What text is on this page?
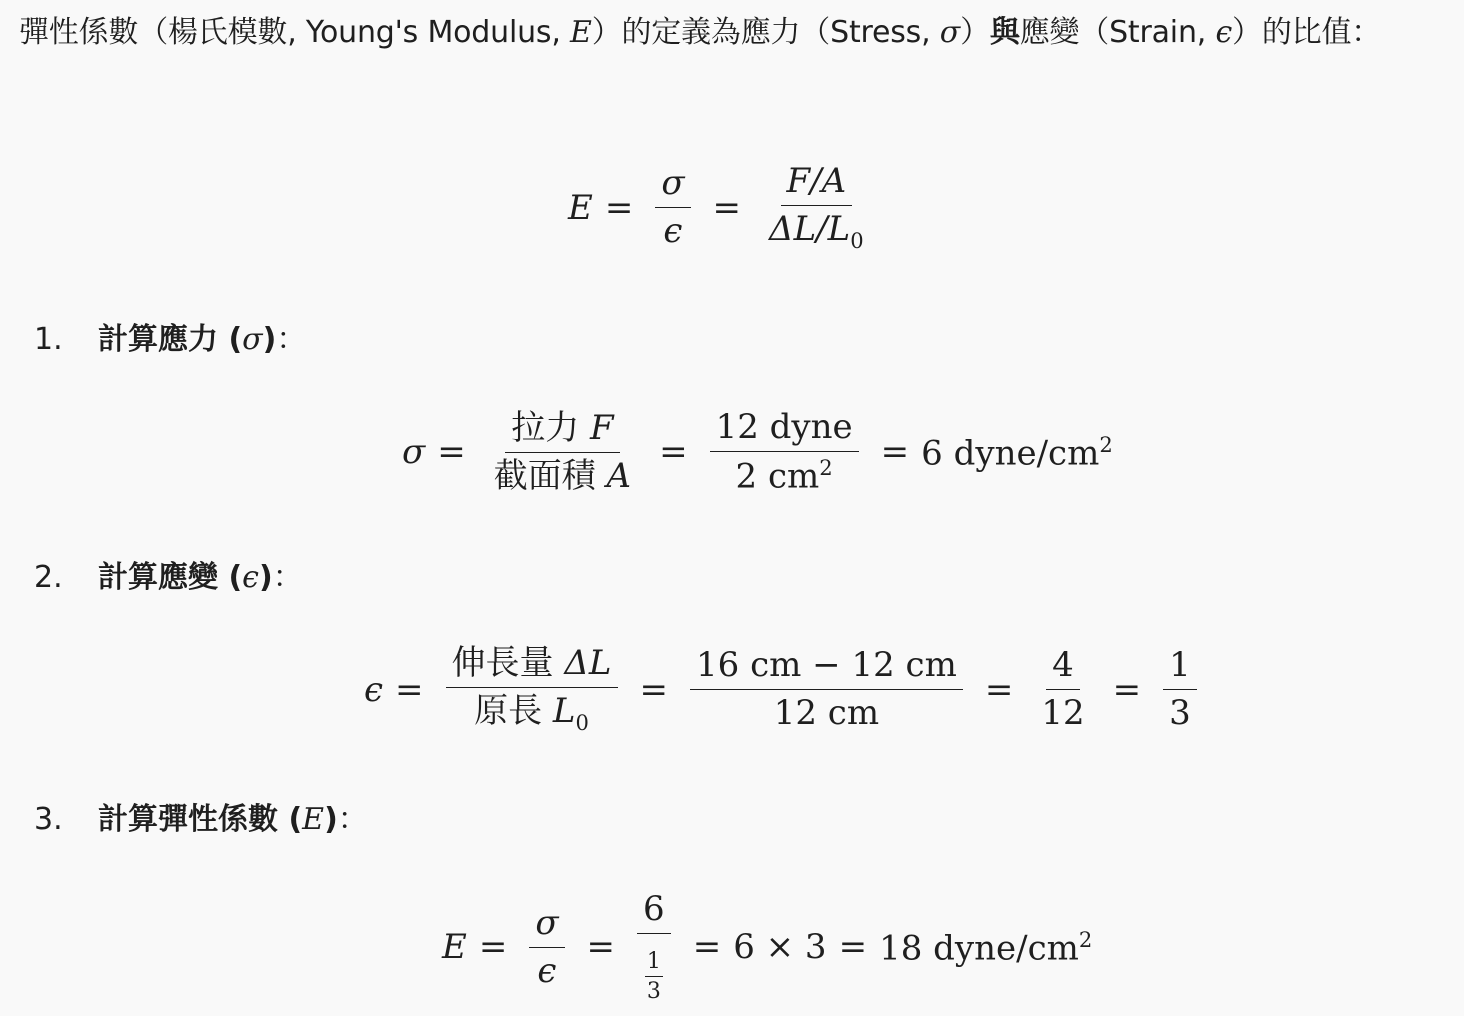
彈性係數（楊氏模數, Young's Modulus, E）的定義為應力（Stress, σ）與應變（Strain, ϵ）的比值：
$E = \frac{\sigma}{\epsilon} = \frac{F/A}{\Delta L/L_0}$
1.	計算應力 (σ) ：
$\sigma = \frac{\text{拉力 F}}{\text{截面積 A}} = \frac{\text{12 dyne}}{2 cm^2} = 6$ dyne/$cm^2$
2.	計算應變 (ϵ) ：
$\epsilon = \frac{\text{伸長量 ΔL}}{原長 L_0} = \frac{16 cm - 12 cm}{12 cm} = \frac{4}{12} = \frac{1}{3}$
3.	計算彈性係數 (E) ：
$E = \frac{\sigma}{\epsilon} = \frac{6}{\frac{1}{3}} = 6 \times 3 = 18$ dyne/$cm^2$
